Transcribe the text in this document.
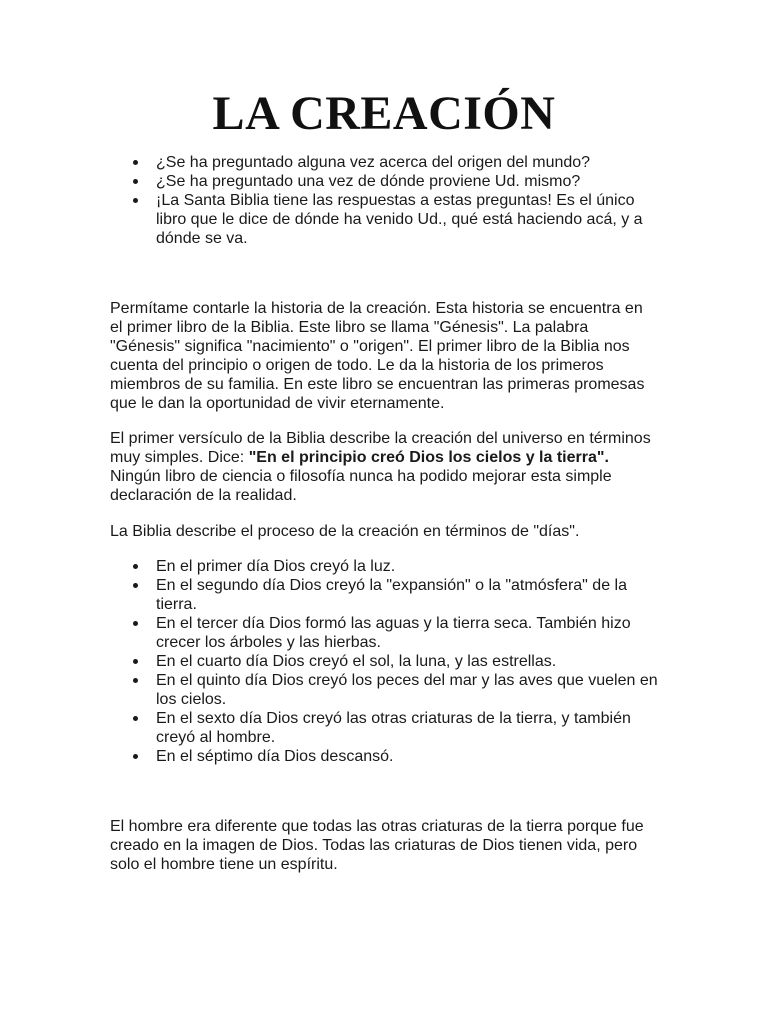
LA CREACIÓN
¿Se ha preguntado alguna vez acerca del origen del mundo?
¿Se ha preguntado una vez de dónde proviene Ud. mismo?
¡La Santa Biblia tiene las respuestas a estas preguntas! Es el único libro que le dice de dónde ha venido Ud., qué está haciendo acá, y a dónde se va.

Permítame contarle la historia de la creación. Esta historia se encuentra en el primer libro de la Biblia. Este libro se llama "Génesis". La palabra "Génesis" significa "nacimiento" o "origen". El primer libro de la Biblia nos cuenta del principio o origen de todo. Le da la historia de los primeros miembros de su familia. En este libro se encuentran las primeras promesas que le dan la oportunidad de vivir eternamente.

El primer versículo de la Biblia describe la creación del universo en términos muy simples. Dice: "En el principio creó Dios los cielos y la tierra". Ningún libro de ciencia o filosofía nunca ha podido mejorar esta simple declaración de la realidad.

La Biblia describe el proceso de la creación en términos de "días".

En el primer día Dios creyó la luz.
En el segundo día Dios creyó la "expansión" o la "atmósfera" de la tierra.
En el tercer día Dios formó las aguas y la tierra seca. También hizo crecer los árboles y las hierbas.
En el cuarto día Dios creyó el sol, la luna, y las estrellas.
En el quinto día Dios creyó los peces del mar y las aves que vuelen en los cielos.
En el sexto día Dios creyó las otras criaturas de la tierra, y también creyó al hombre.
En el séptimo día Dios descansó.

El hombre era diferente que todas las otras criaturas de la tierra porque fue creado en la imagen de Dios. Todas las criaturas de Dios tienen vida, pero solo el hombre tiene un espíritu.
